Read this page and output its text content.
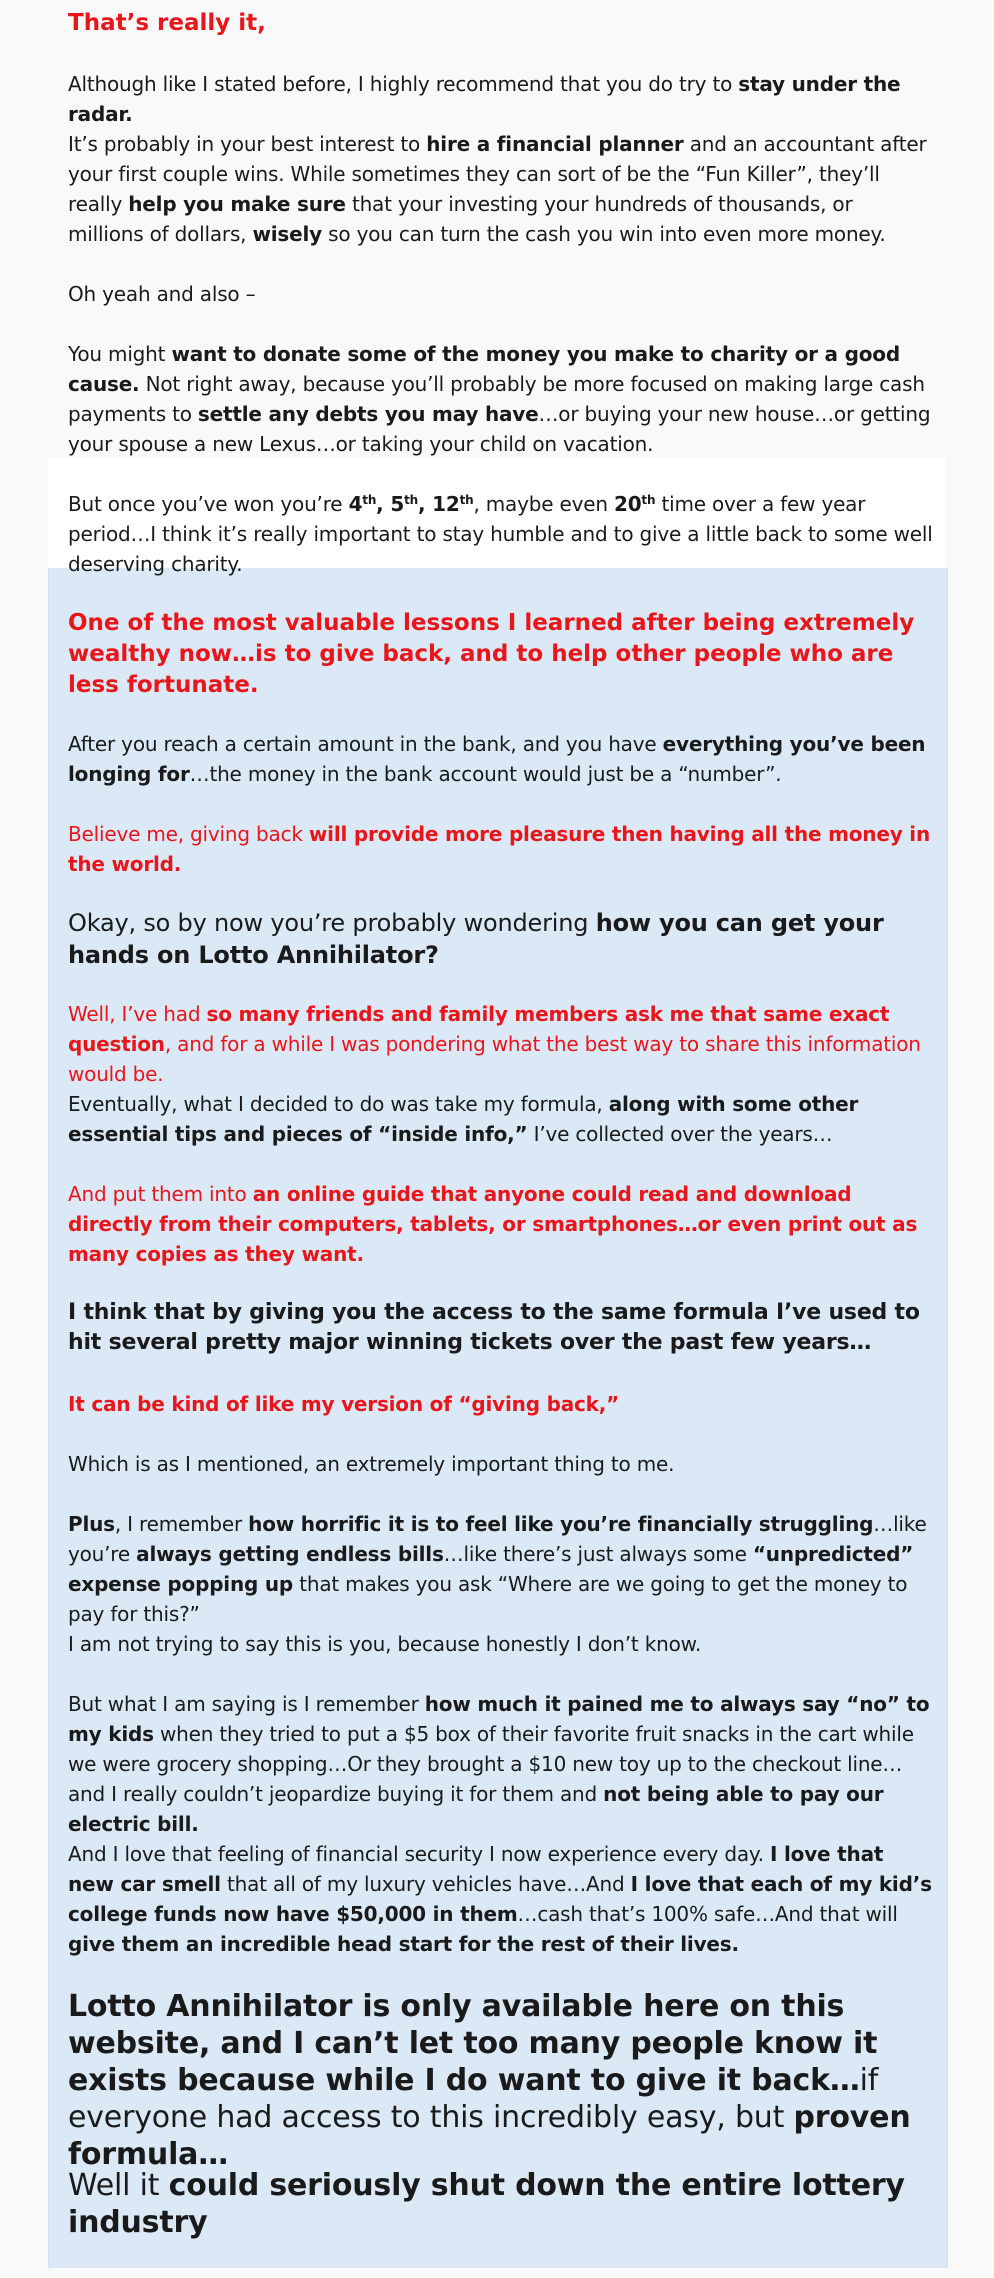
That’s really it,

Although like I stated before, I highly recommend that you do try to stay under the radar.

It’s probably in your best interest to hire a financial planner and an accountant after your first couple wins. While sometimes they can sort of be the “Fun Killer”, they’ll really help you make sure that your investing your hundreds of thousands, or millions of dollars, wisely so you can turn the cash you win into even more money.

Oh yeah and also –

You might want to donate some of the money you make to charity or a good cause. Not right away, because you’ll probably be more focused on making large cash payments to settle any debts you may have…or buying your new house…or getting your spouse a new Lexus…or taking your child on vacation.

But once you’ve won you’re 4th, 5th, 12th, maybe even 20th time over a few year period…I think it’s really important to stay humble and to give a little back to some well deserving charity.

One of the most valuable lessons I learned after being extremely wealthy now…is to give back, and to help other people who are less fortunate.

After you reach a certain amount in the bank, and you have everything you’ve been longing for…the money in the bank account would just be a “number”.

Believe me, giving back will provide more pleasure then having all the money in the world.

Okay, so by now you’re probably wondering how you can get your hands on Lotto Annihilator?

Well, I’ve had so many friends and family members ask me that same exact question, and for a while I was pondering what the best way to share this information would be.

Eventually, what I decided to do was take my formula, along with some other essential tips and pieces of “inside info,” I’ve collected over the years…

And put them into an online guide that anyone could read and download directly from their computers, tablets, or smartphones…or even print out as many copies as they want.

I think that by giving you the access to the same formula I’ve used to hit several pretty major winning tickets over the past few years…

It can be kind of like my version of “giving back,”

Which is as I mentioned, an extremely important thing to me.

Plus, I remember how horrific it is to feel like you’re financially struggling…like you’re always getting endless bills…like there’s just always some “unpredicted” expense popping up that makes you ask “Where are we going to get the money to pay for this?”

I am not trying to say this is you, because honestly I don’t know.

But what I am saying is I remember how much it pained me to always say “no” to my kids when they tried to put a $5 box of their favorite fruit snacks in the cart while we were grocery shopping…Or they brought a $10 new toy up to the checkout line…and I really couldn’t jeopardize buying it for them and not being able to pay our electric bill.

And I love that feeling of financial security I now experience every day. I love that new car smell that all of my luxury vehicles have…And I love that each of my kid’s college funds now have $50,000 in them…cash that’s 100% safe…And that will give them an incredible head start for the rest of their lives.

Lotto Annihilator is only available here on this website, and I can’t let too many people know it exists because while I do want to give it back…if everyone had access to this incredibly easy, but proven formula…

Well it could seriously shut down the entire lottery industry
